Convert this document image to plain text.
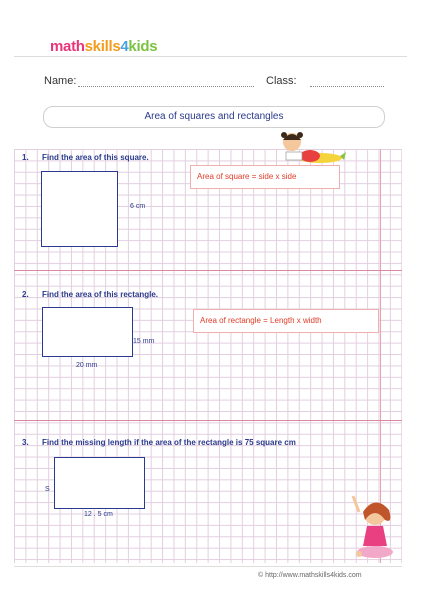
mathskills4kids
Name:	Class:
Area of squares and rectangles
1. Find the area of this square.
6 cm
Area of square = side x side
2. Find the area of this rectangle.
15 mm
20 mm
Area of rectangle = Length x width
3. Find the missing length if the area of the rectangle is 75 square cm
S
12 . 5 cm
© http://www.mathskills4kids.com
